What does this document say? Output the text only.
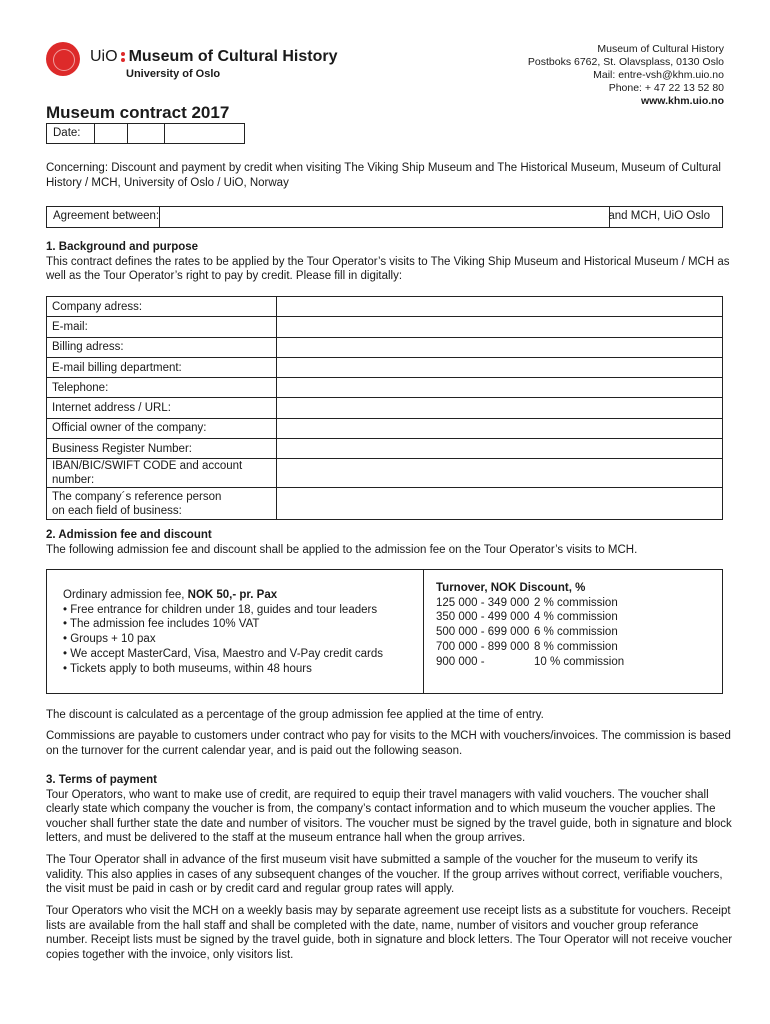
UiO Museum of Cultural History
University of Oslo
Museum of Cultural History
Postboks 6762, St. Olavsplass, 0130 Oslo
Mail: entre-vsh@khm.uio.no
Phone: + 47 22 13 52 80
www.khm.uio.no
Museum contract 2017
Date:
Concerning: Discount and payment by credit when visiting The Viking Ship Museum and The Historical Museum, Museum of Cultural History / MCH, University of Oslo / UiO, Norway
Agreement between:	and MCH, UiO Oslo
1. Background and purpose
This contract defines the rates to be applied by the Tour Operator’s visits to The Viking Ship Museum and Historical Museum / MCH as well as the Tour Operator’s right to pay by credit. Please fill in digitally:
Company adress:	
E-mail:	
Billing adress:	
E-mail billing department:	
Telephone:	
Internet address / URL:	
Official owner of the company:	
Business Register Number:	
IBAN/BIC/SWIFT CODE and account number:	
The company´s reference person
on each field of business:	
2. Admission fee and discount
The following admission fee and discount shall be applied to the admission fee on the Tour Operator’s visits to MCH.
Ordinary admission fee, NOK 50,- pr. Pax
• Free entrance for children under 18, guides and tour leaders
• The admission fee includes 10% VAT
• Groups + 10 pax
• We accept MasterCard, Visa, Maestro and V-Pay credit cards
• Tickets apply to both museums, within 48 hours
Turnover, NOK Discount, %
125 000 - 349 000 2 % commission
350 000 - 499 000 4 % commission
500 000 - 699 000 6 % commission
700 000 - 899 000 8 % commission
900 000 -	10 % commission

The discount is calculated as a percentage of the group admission fee applied at the time of entry.

Commissions are payable to customers under contract who pay for visits to the MCH with vouchers/invoices. The commission is based on the turnover for the current calendar year, and is paid out the following season.

3. Terms of payment
Tour Operators, who want to make use of credit, are required to equip their travel managers with valid vouchers. The voucher shall clearly state which company the voucher is from, the company’s contact information and to which museum the voucher applies. The voucher shall further state the date and number of visitors. The voucher must be signed by the travel guide, both in signature and block letters, and must be delivered to the staff at the museum entrance hall when the group arrives.

The Tour Operator shall in advance of the first museum visit have submitted a sample of the voucher for the museum to verify its validity. This also applies in cases of any subsequent changes of the voucher. If the group arrives without correct, verifiable vouchers, the visit must be paid in cash or by credit card and regular group rates will apply.

Tour Operators who visit the MCH on a weekly basis may by separate agreement use receipt lists as a substitute for vouchers. Receipt lists are available from the hall staff and shall be completed with the date, name, number of visitors and voucher group referance number. Receipt lists must be signed by the travel guide, both in signature and block letters. The Tour Operator will not receive voucher copies together with the invoice, only visitors list.
